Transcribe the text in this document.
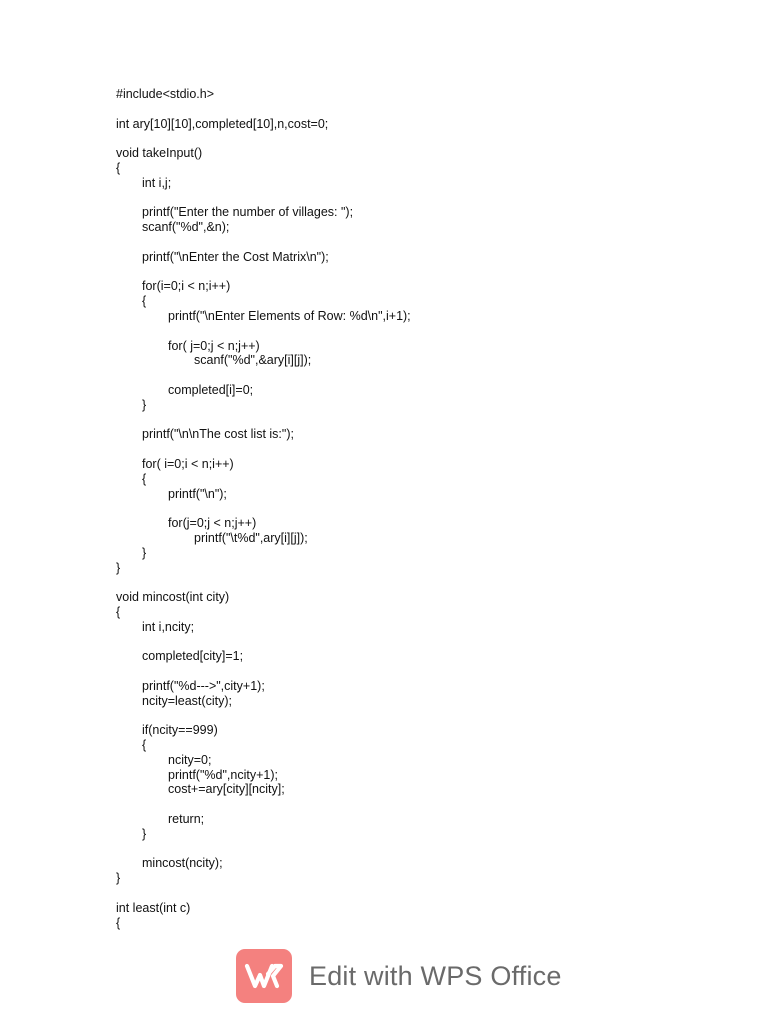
#include<stdio.h>
int ary[10][10],completed[10],n,cost=0;
void takeInput()
{
int i,j;
printf("Enter the number of villages: ");
scanf("%d",&n);
printf("\nEnter the Cost Matrix\n");
for(i=0;i < n;i++)
{
printf("\nEnter Elements of Row: %d\n",i+1);
for( j=0;j < n;j++)
scanf("%d",&ary[i][j]);
completed[i]=0;
}
printf("\n\nThe cost list is:");
for( i=0;i < n;i++)
{
printf("\n");
for(j=0;j < n;j++)
printf("\t%d",ary[i][j]);
}
}
void mincost(int city)
{
int i,ncity;
completed[city]=1;
printf("%d--->",city+1);
ncity=least(city);
if(ncity==999)
{
ncity=0;
printf("%d",ncity+1);
cost+=ary[city][ncity];
return;
}
mincost(ncity);
}
int least(int c)
{
Edit with WPS Office
